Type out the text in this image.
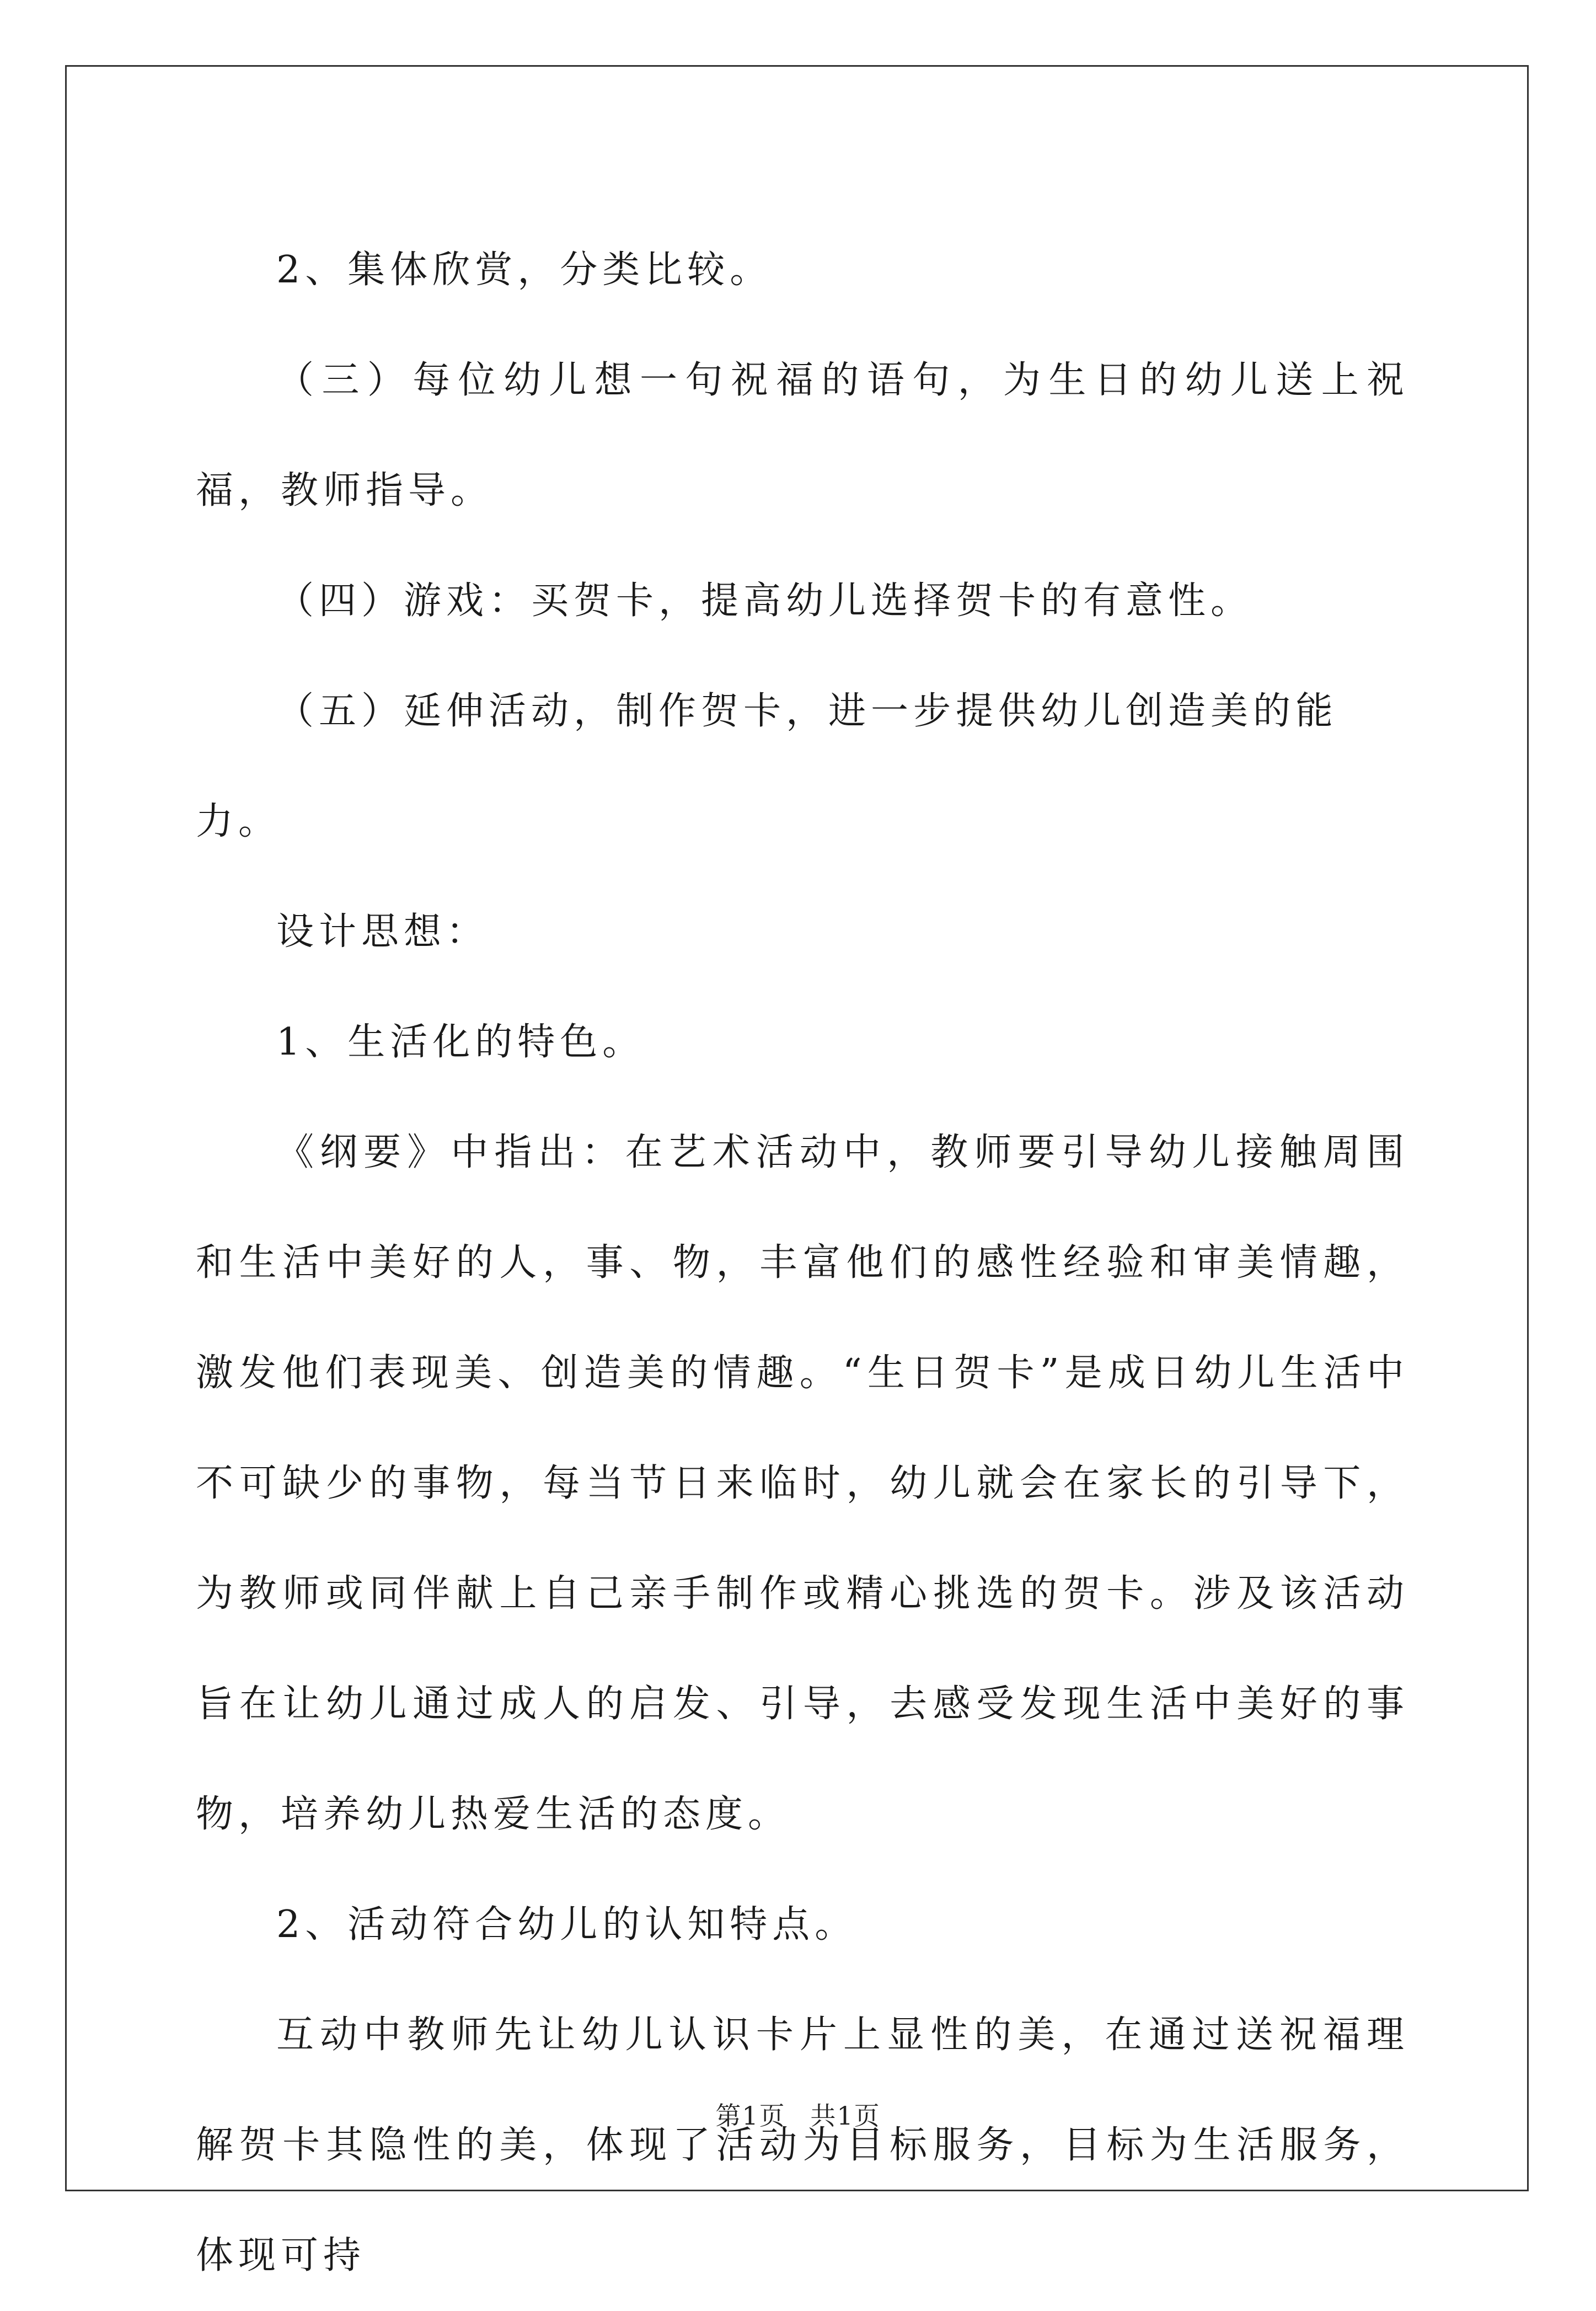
2、集体欣赏，分类比较。

（三）每位幼儿想一句祝福的语句，为生日的幼儿送上祝福，教师指导。

（四）游戏：买贺卡，提高幼儿选择贺卡的有意性。

（五）延伸活动，制作贺卡，进一步提供幼儿创造美的能力。

设计思想：

1、生活化的特色。

《纲要》中指出：在艺术活动中，教师要引导幼儿接触周围和生活中美好的人，事、物，丰富他们的感性经验和审美情趣，激发他们表现美、创造美的情趣。“生日贺卡”是成日幼儿生活中不可缺少的事物，每当节日来临时，幼儿就会在家长的引导下，为教师或同伴献上自己亲手制作或精心挑选的贺卡。涉及该活动旨在让幼儿通过成人的启发、引导，去感受发现生活中美好的事物，培养幼儿热爱生活的态度。

2、活动符合幼儿的认知特点。

互动中教师先让幼儿认识卡片上显性的美，在通过送祝福理解贺卡其隐性的美，体现了活动为目标服务，目标为生活服务，体现可持

第1页 共1页
